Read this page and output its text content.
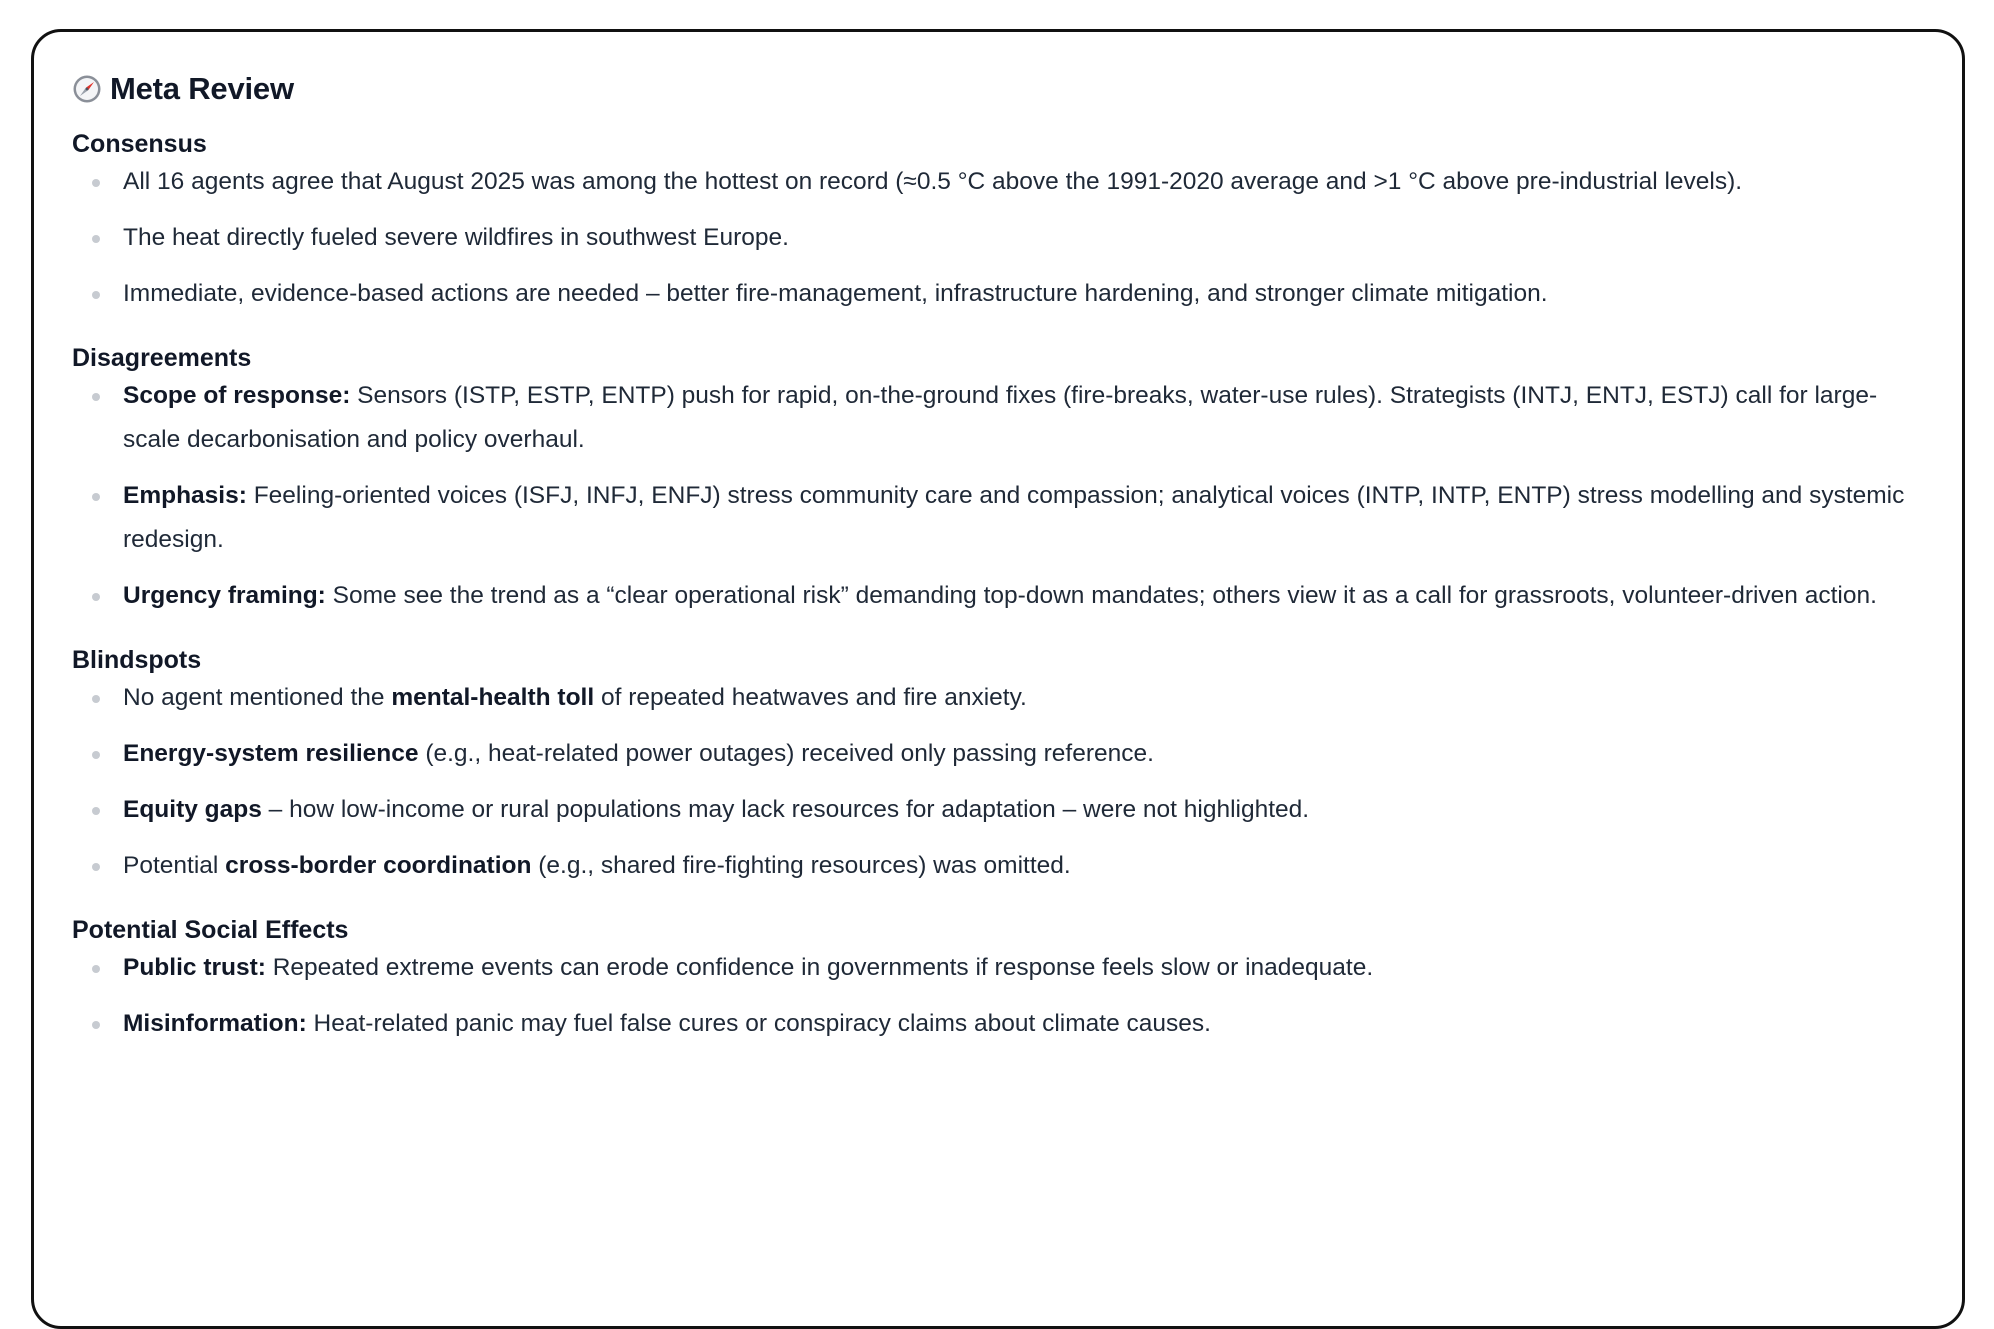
Meta Review
Consensus
All 16 agents agree that August 2025 was among the hottest on record (≈0.5 °C above the 1991-2020 average and >1 °C above pre-industrial levels).
The heat directly fueled severe wildfires in southwest Europe.
Immediate, evidence-based actions are needed – better fire-management, infrastructure hardening, and stronger climate mitigation.
Disagreements
Scope of response: Sensors (ISTP, ESTP, ENTP) push for rapid, on-the-ground fixes (fire-breaks, water-use rules). Strategists (INTJ, ENTJ, ESTJ) call for large-scale decarbonisation and policy overhaul.
Emphasis: Feeling-oriented voices (ISFJ, INFJ, ENFJ) stress community care and compassion; analytical voices (INTP, INTP, ENTP) stress modelling and systemic redesign.
Urgency framing: Some see the trend as a “clear operational risk” demanding top-down mandates; others view it as a call for grassroots, volunteer-driven action.
Blindspots
No agent mentioned the mental-health toll of repeated heatwaves and fire anxiety.
Energy-system resilience (e.g., heat-related power outages) received only passing reference.
Equity gaps – how low-income or rural populations may lack resources for adaptation – were not highlighted.
Potential cross-border coordination (e.g., shared fire-fighting resources) was omitted.
Potential Social Effects
Public trust: Repeated extreme events can erode confidence in governments if response feels slow or inadequate.
Misinformation: Heat-related panic may fuel false cures or conspiracy claims about climate causes.
